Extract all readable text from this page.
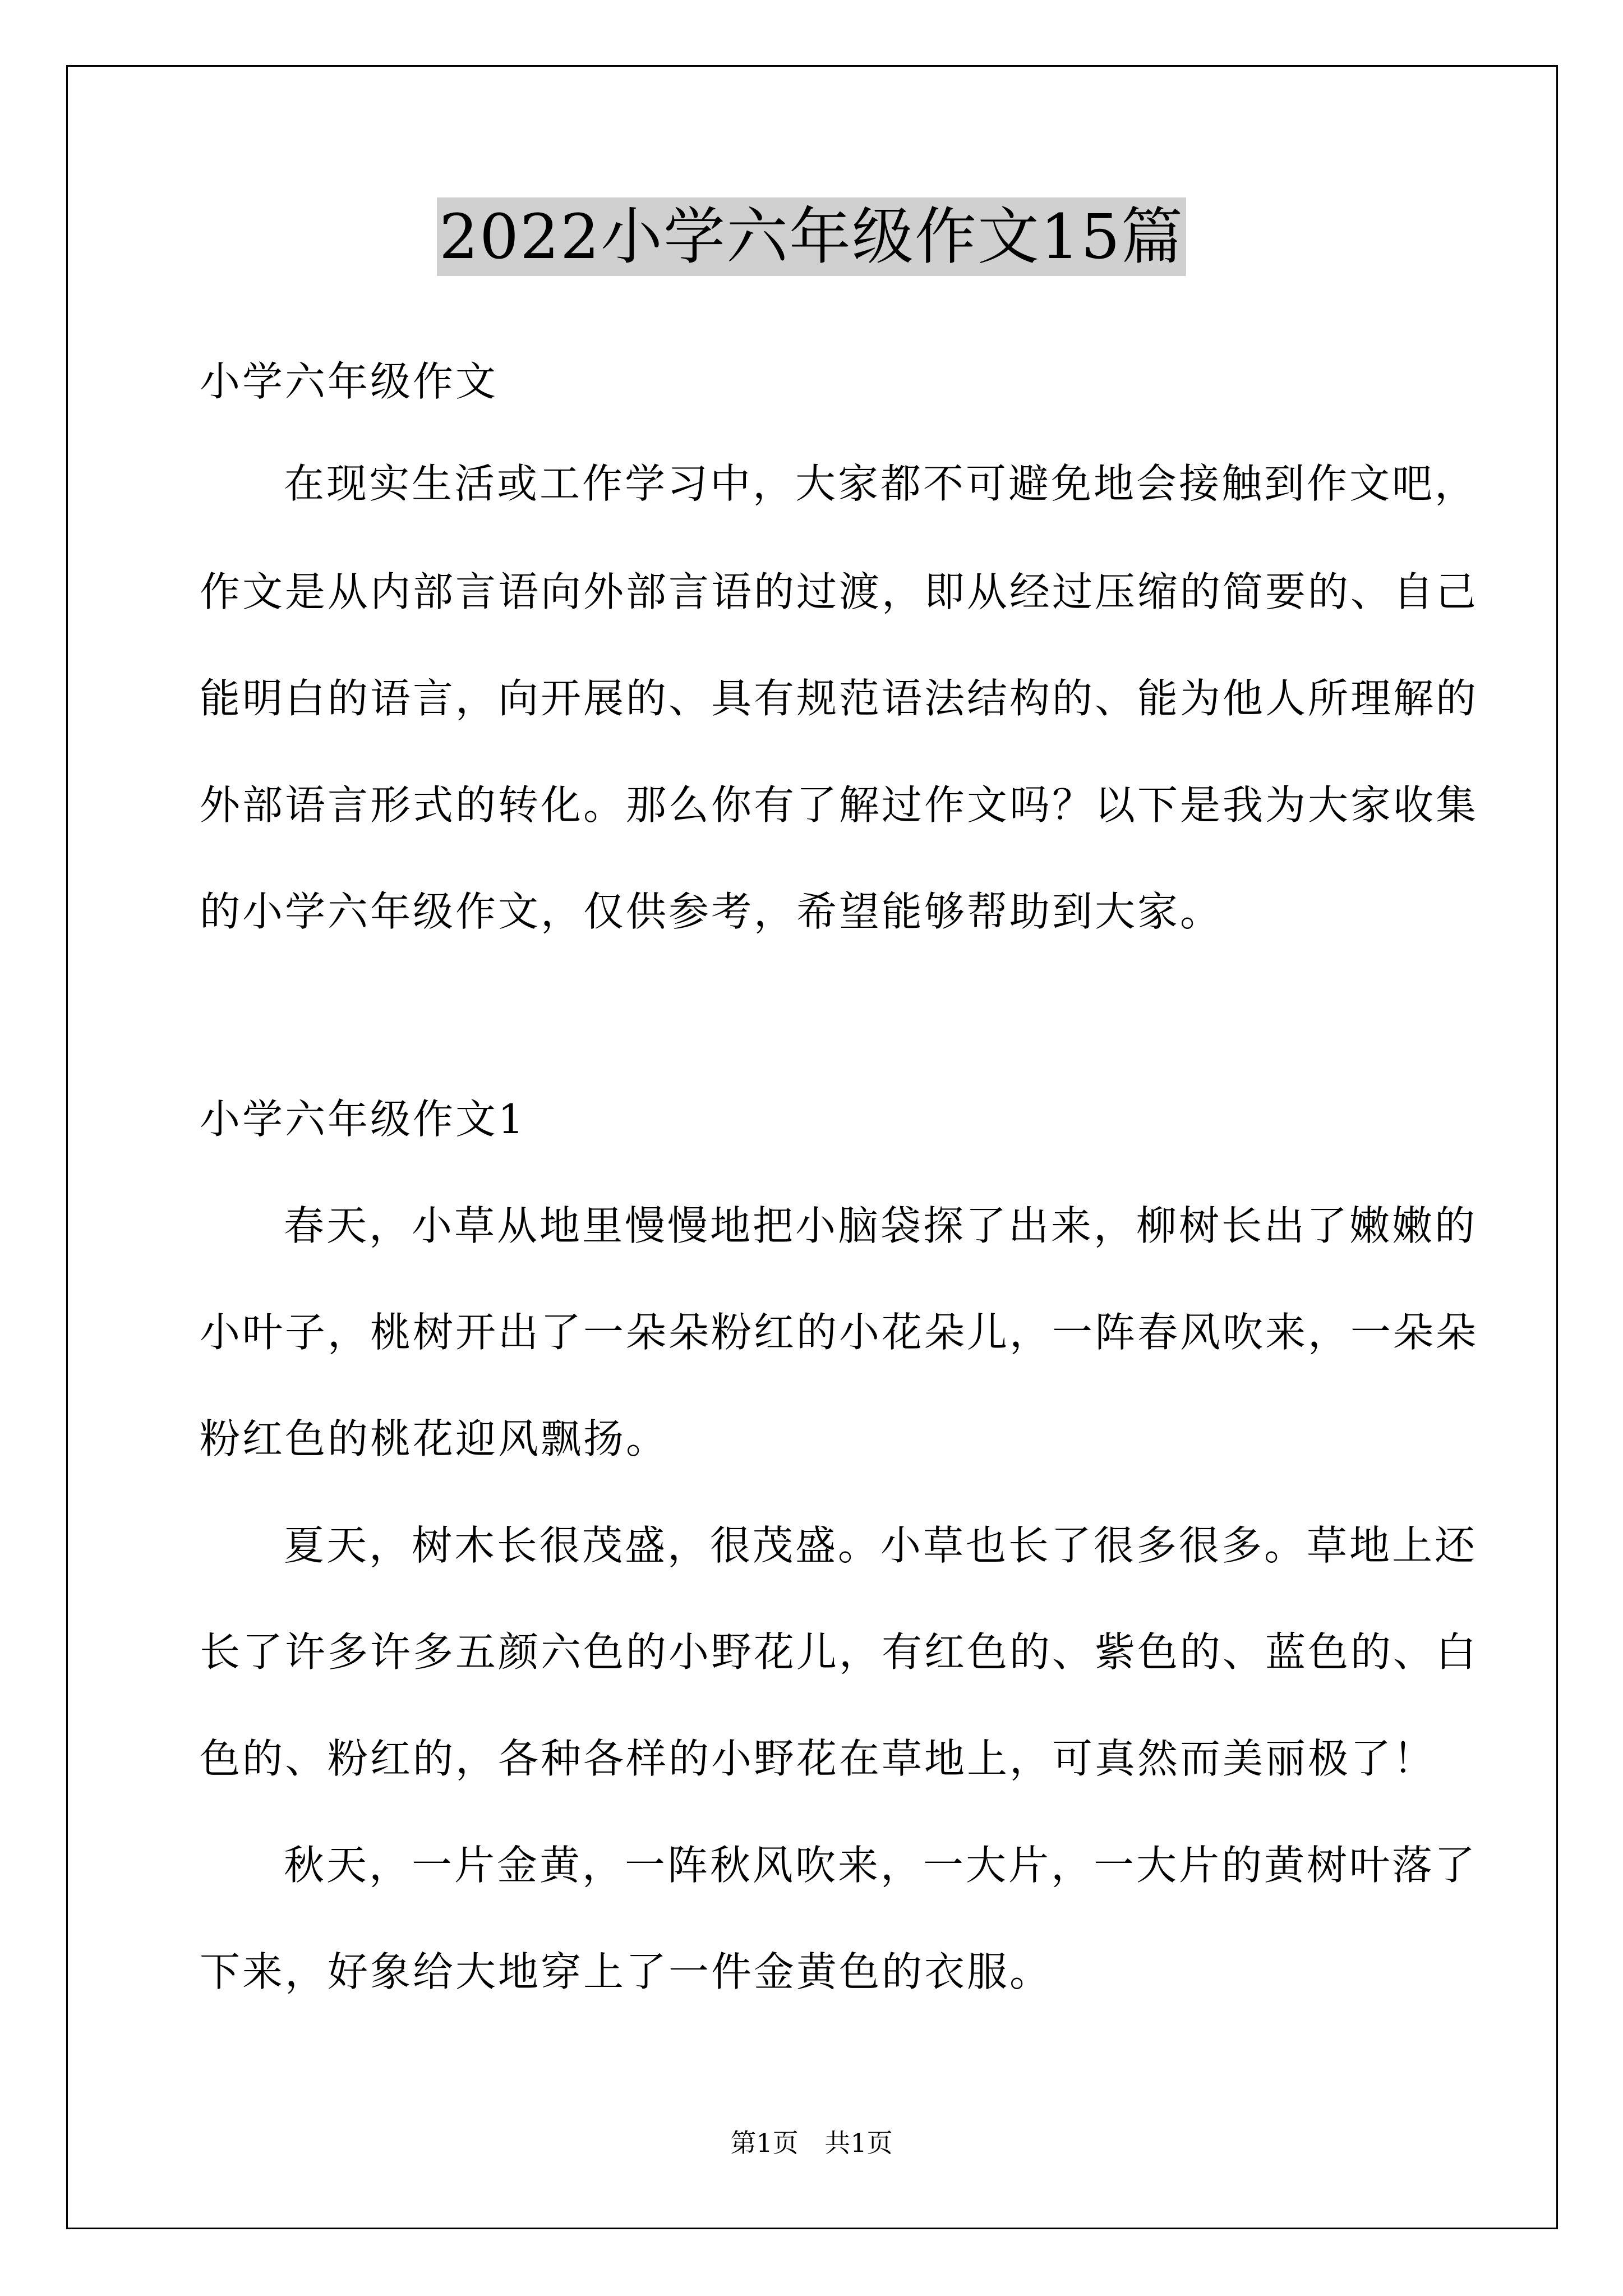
2022小学六年级作文15篇
小学六年级作文
在现实生活或工作学习中，大家都不可避免地会接触到作文吧，
作文是从内部言语向外部言语的过渡，即从经过压缩的简要的、自己
能明白的语言，向开展的、具有规范语法结构的、能为他人所理解的
外部语言形式的转化。那么你有了解过作文吗？以下是我为大家收集
的小学六年级作文，仅供参考，希望能够帮助到大家。
小学六年级作文1
春天，小草从地里慢慢地把小脑袋探了出来，柳树长出了嫩嫩的
小叶子，桃树开出了一朵朵粉红的小花朵儿，一阵春风吹来，一朵朵
粉红色的桃花迎风飘扬。
夏天，树木长很茂盛，很茂盛。小草也长了很多很多。草地上还
长了许多许多五颜六色的小野花儿，有红色的、紫色的、蓝色的、白
色的、粉红的，各种各样的小野花在草地上，可真然而美丽极了！
秋天，一片金黄，一阵秋风吹来，一大片，一大片的黄树叶落了
下来，好象给大地穿上了一件金黄色的衣服。
第1页 共1页
